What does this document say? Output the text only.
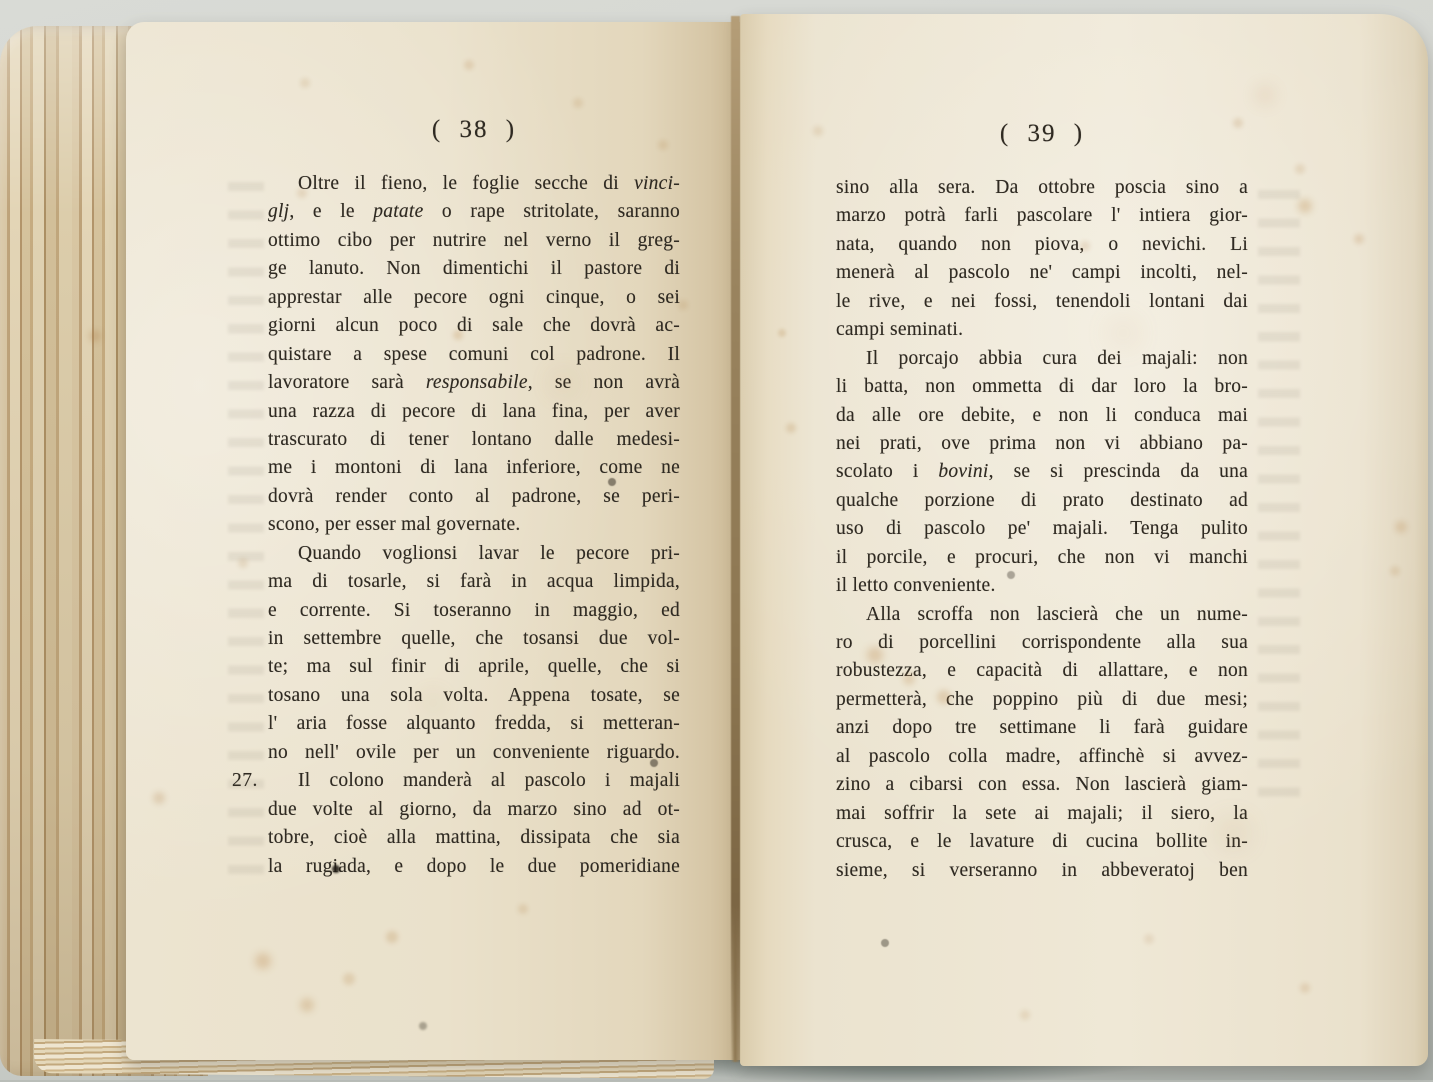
( 38 )
Oltre il fieno, le foglie secche di vinci-
glj, e le patate o rape stritolate, saranno
ottimo cibo per nutrire nel verno il greg-
ge lanuto. Non dimentichi il pastore di
apprestar alle pecore ogni cinque, o sei
giorni alcun poco di sale che dovrà ac-
quistare a spese comuni col padrone. Il
lavoratore sarà responsabile, se non avrà
una razza di pecore di lana fina, per aver
trascurato di tener lontano dalle medesi-
me i montoni di lana inferiore, come ne
dovrà render conto al padrone, se peri-
scono, per esser mal governate.
Quando voglionsi lavar le pecore pri-
ma di tosarle, si farà in acqua limpida,
e corrente. Si toseranno in maggio, ed
in settembre quelle, che tosansi due vol-
te; ma sul finir di aprile, quelle, che si
tosano una sola volta. Appena tosate, se
l' aria fosse alquanto fredda, si metteran-
no nell' ovile per un conveniente riguardo.
Il colono manderà al pascolo i majali
27.
due volte al giorno, da marzo sino ad ot-
tobre, cioè alla mattina, dissipata che sia
la rugiada, e dopo le due pomeridiane
( 39 )
sino alla sera. Da ottobre poscia sino a
marzo potrà farli pascolare l' intiera gior-
nata, quando non piova, o nevichi. Li
menerà al pascolo ne' campi incolti, nel-
le rive, e nei fossi, tenendoli lontani dai
campi seminati.
Il porcajo abbia cura dei majali: non
li batta, non ommetta di dar loro la bro-
da alle ore debite, e non li conduca mai
nei prati, ove prima non vi abbiano pa-
scolato i bovini, se si prescinda da una
qualche porzione di prato destinato ad
uso di pascolo pe' majali. Tenga pulito
il porcile, e procuri, che non vi manchi
il letto conveniente.
Alla scroffa non lascierà che un nume-
ro di porcellini corrispondente alla sua
robustezza, e capacità di allattare, e non
permetterà, che poppino più di due mesi;
anzi dopo tre settimane li farà guidare
al pascolo colla madre, affinchè si avvez-
zino a cibarsi con essa. Non lascierà giam-
mai soffrir la sete ai majali; il siero, la
crusca, e le lavature di cucina bollite in-
sieme, si verseranno in abbeveratoj ben
